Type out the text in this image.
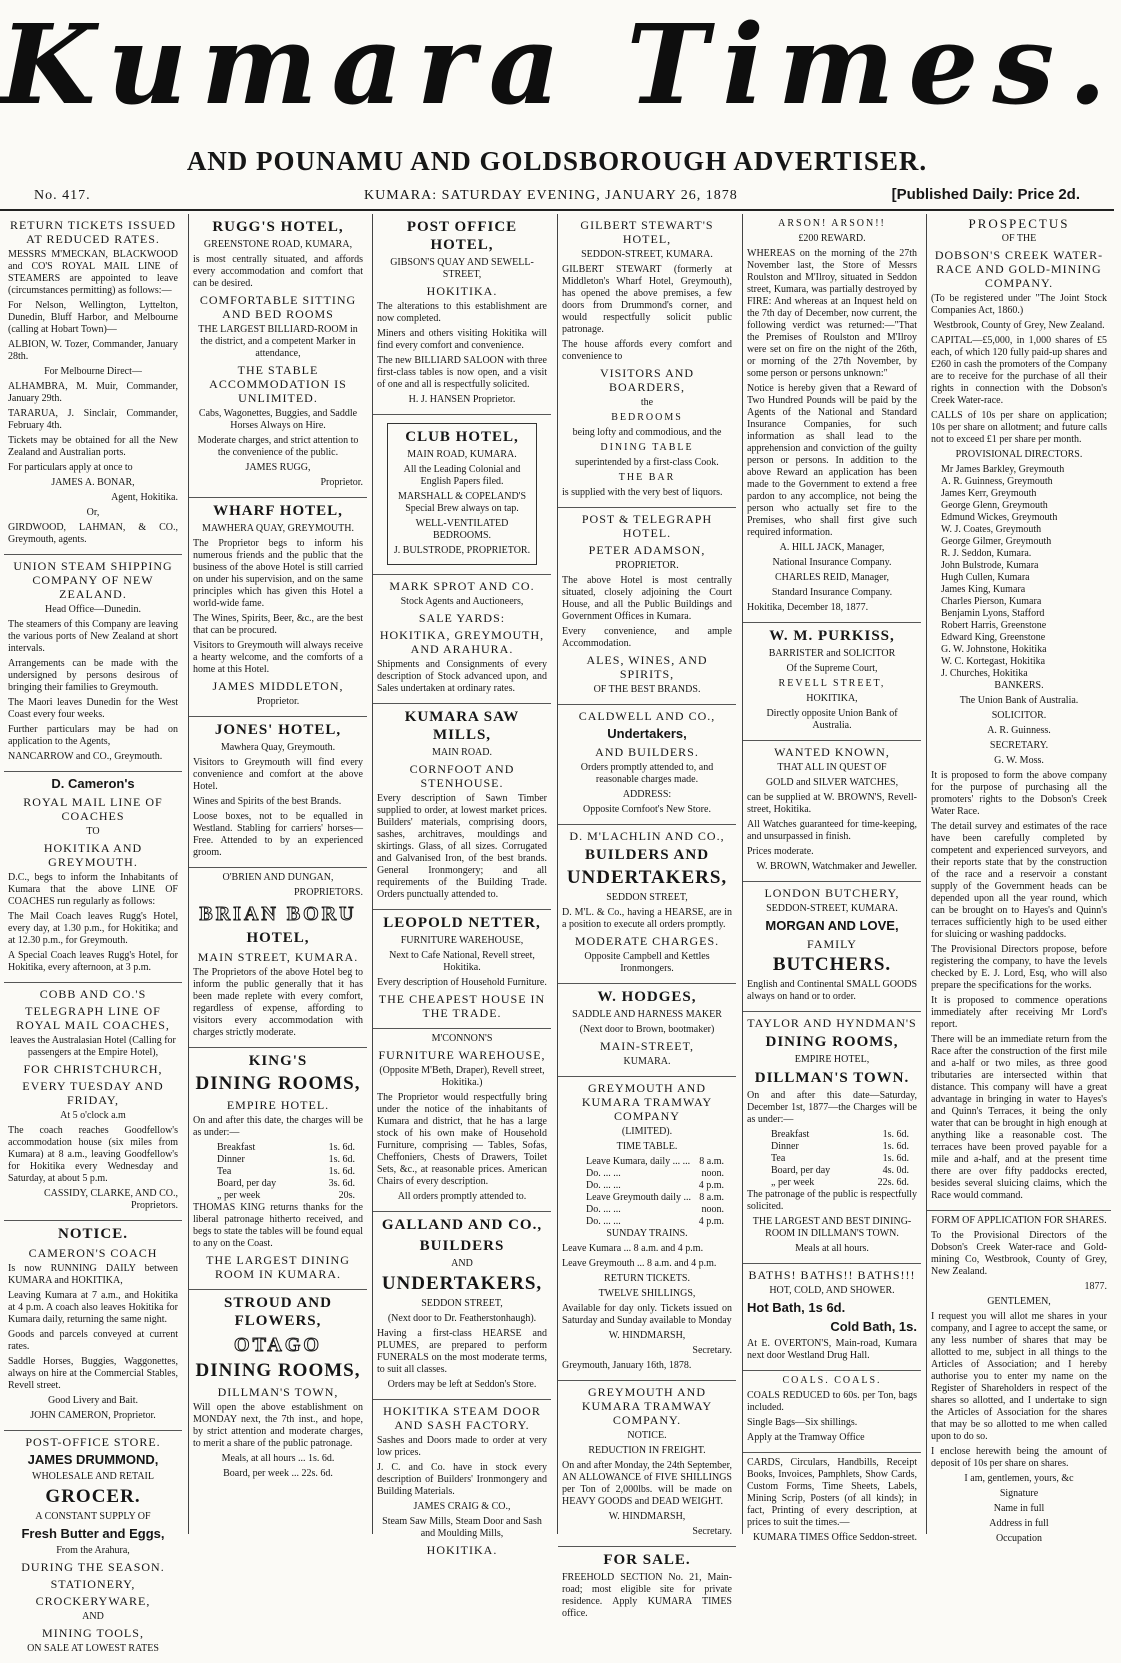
Kumara Times.
AND POUNAMU AND GOLDSBOROUGH ADVERTISER.
No. 417.	KUMARA: SATURDAY EVENING, JANUARY 26, 1878	[Published Daily: Price 2d.

RETURN TICKETS ISSUED AT REDUCED RATES.

MESSRS M'MECKAN, BLACKWOOD and CO'S ROYAL MAIL LINE of STEAMERS are appointed to leave (circumstances permitting) as follows:—

For Nelson, Wellington, Lyttelton, Dunedin, Bluff Harbor, and Melbourne (calling at Hobart Town)—

ALBION, W. Tozer, Commander, January 28th.

For Melbourne Direct—

ALHAMBRA, M. Muir, Commander, January 29th.

TARARUA, J. Sinclair, Commander, February 4th.

Tickets may be obtained for all the New Zealand and Australian ports.

For particulars apply at once to

JAMES A. BONAR,

Agent, Hokitika.

Or,

GIRDWOOD, LAHMAN, & CO., Greymouth, agents.

UNION STEAM SHIPPING COMPANY OF NEW ZEALAND.

Head Office—Dunedin.

The steamers of this Company are leaving the various ports of New Zealand at short intervals.

Arrangements can be made with the undersigned by persons desirous of bringing their families to Greymouth.

The Maori leaves Dunedin for the West Coast every four weeks.

Further particulars may be had on application to the Agents,

NANCARROW and CO., Greymouth.

D. Cameron's

ROYAL MAIL LINE OF COACHES

TO

HOKITIKA AND GREYMOUTH.

D.C., begs to inform the Inhabitants of Kumara that the above LINE OF COACHES run regularly as follows:

The Mail Coach leaves Rugg's Hotel, every day, at 1.30 p.m., for Hokitika; and at 12.30 p.m., for Greymouth.

A Special Coach leaves Rugg's Hotel, for Hokitika, every afternoon, at 3 p.m.

COBB AND CO.'S

TELEGRAPH LINE OF ROYAL MAIL COACHES,

leaves the Australasian Hotel (Calling for passengers at the Empire Hotel),

FOR CHRISTCHURCH,

EVERY TUESDAY AND FRIDAY,

At 5 o'clock a.m

The coach reaches Goodfellow's accommodation house (six miles from Kumara) at 8 a.m., leaving Goodfellow's for Hokitika every Wednesday and Saturday, at about 5 p.m.

CASSIDY, CLARKE, AND CO., Proprietors.

NOTICE.

CAMERON'S COACH

Is now RUNNING DAILY between KUMARA and HOKITIKA,

Leaving Kumara at 7 a.m., and Hokitika at 4 p.m. A coach also leaves Hokitika for Kumara daily, returning the same night.

Goods and parcels conveyed at current rates.

Saddle Horses, Buggies, Waggonettes, always on hire at the Commercial Stables, Revell street.

Good Livery and Bait.

JOHN CAMERON, Proprietor.

POST-OFFICE STORE.

JAMES DRUMMOND,

WHOLESALE AND RETAIL

GROCER.

A CONSTANT SUPPLY OF

Fresh Butter and Eggs,

From the Arahura,

DURING THE SEASON.

STATIONERY,

CROCKERYWARE,

AND

MINING TOOLS,

ON SALE AT LOWEST RATES

RUGG'S HOTEL,

GREENSTONE ROAD, KUMARA,

is most centrally situated, and affords every accommodation and comfort that can be desired.

COMFORTABLE SITTING AND BED ROOMS

THE LARGEST BILLIARD-ROOM in the district, and a competent Marker in attendance,

THE STABLE ACCOMMODATION IS UNLIMITED.

Cabs, Wagonettes, Buggies, and Saddle Horses Always on Hire.

Moderate charges, and strict attention to the convenience of the public.

JAMES RUGG,

Proprietor.

WHARF HOTEL,

MAWHERA QUAY, GREYMOUTH.

The Proprietor begs to inform his numerous friends and the public that the business of the above Hotel is still carried on under his supervision, and on the same principles which has given this Hotel a world-wide fame.

The Wines, Spirits, Beer, &c., are the best that can be procured.

Visitors to Greymouth will always receive a hearty welcome, and the comforts of a home at this Hotel.

JAMES MIDDLETON,

Proprietor.

JONES' HOTEL,

Mawhera Quay, Greymouth.

Visitors to Greymouth will find every convenience and comfort at the above Hotel.

Wines and Spirits of the best Brands.

Loose boxes, not to be equalled in Westland. Stabling for carriers' horses—Free. Attended to by an experienced groom.

O'BRIEN AND DUNGAN,

PROPRIETORS.

BRIAN BORU

HOTEL,

MAIN STREET, KUMARA.

The Proprietors of the above Hotel beg to inform the public generally that it has been made replete with every comfort, regardless of expense, affording to visitors every accommodation with charges strictly moderate.

KING'S

DINING ROOMS,

EMPIRE HOTEL.

On and after this date, the charges will be as under:—

Breakfast	1s. 6d.
Dinner	1s. 6d.
Tea	1s. 6d.
Board, per day	3s. 6d.
„ per week	20s.

THOMAS KING returns thanks for the liberal patronage hitherto received, and begs to state the tables will be found equal to any on the Coast.

THE LARGEST DINING ROOM IN KUMARA.

STROUD AND FLOWERS,

OTAGO

DINING ROOMS,

DILLMAN'S TOWN,

Will open the above establishment on MONDAY next, the 7th inst., and hope, by strict attention and moderate charges, to merit a share of the public patronage.

Meals, at all hours ... 1s. 6d.

Board, per week ... 22s. 6d.

POST OFFICE HOTEL,

GIBSON'S QUAY AND SEWELL-STREET,

HOKITIKA.

The alterations to this establishment are now completed.

Miners and others visiting Hokitika will find every comfort and convenience.

The new BILLIARD SALOON with three first-class tables is now open, and a visit of one and all is respectfully solicited.

H. J. HANSEN Proprietor.

CLUB HOTEL,

MAIN ROAD, KUMARA.

All the Leading Colonial and English Papers filed.

MARSHALL & COPELAND'S Special Brew always on tap.

WELL-VENTILATED BEDROOMS.

J. BULSTRODE, PROPRIETOR.

MARK SPROT AND CO.

Stock Agents and Auctioneers,

SALE YARDS:

HOKITIKA, GREYMOUTH, AND ARAHURA.

Shipments and Consignments of every description of Stock advanced upon, and Sales undertaken at ordinary rates.

KUMARA SAW MILLS,

MAIN ROAD.

CORNFOOT AND STENHOUSE.

Every description of Sawn Timber supplied to order, at lowest market prices. Builders' materials, comprising doors, sashes, architraves, mouldings and skirtings. Glass, of all sizes. Corrugated and Galvanised Iron, of the best brands. General Ironmongery; and all requirements of the Building Trade. Orders punctually attended to.

LEOPOLD NETTER,

FURNITURE WAREHOUSE,

Next to Cafe National, Revell street, Hokitika.

Every description of Household Furniture.

THE CHEAPEST HOUSE IN THE TRADE.

M'CONNON'S

FURNITURE WAREHOUSE,

(Opposite M'Beth, Draper), Revell street, Hokitika.)

The Proprietor would respectfully bring under the notice of the inhabitants of Kumara and district, that he has a large stock of his own make of Household Furniture, comprising — Tables, Sofas, Cheffoniers, Chests of Drawers, Toilet Sets, &c., at reasonable prices. American Chairs of every description.

All orders promptly attended to.

GALLAND AND CO.,

BUILDERS

AND

UNDERTAKERS,

SEDDON STREET,

(Next door to Dr. Featherstonhaugh).

Having a first-class HEARSE and PLUMES, are prepared to perform FUNERALS on the most moderate terms, to suit all classes.

Orders may be left at Seddon's Store.

HOKITIKA STEAM DOOR AND SASH FACTORY.

Sashes and Doors made to order at very low prices.

J. C. and Co. have in stock every description of Builders' Ironmongery and Building Materials.

JAMES CRAIG & CO.,

Steam Saw Mills, Steam Door and Sash and Moulding Mills,

HOKITIKA.

GILBERT STEWART'S HOTEL,

SEDDON-STREET, KUMARA.

GILBERT STEWART (formerly at Middleton's Wharf Hotel, Greymouth), has opened the above premises, a few doors from Drummond's corner, and would respectfully solicit public patronage.

The house affords every comfort and convenience to

VISITORS AND BOARDERS,

the

BEDROOMS

being lofty and commodious, and the

DINING TABLE

superintended by a first-class Cook.

THE BAR

is supplied with the very best of liquors.

POST & TELEGRAPH HOTEL.

PETER ADAMSON,

PROPRIETOR.

The above Hotel is most centrally situated, closely adjoining the Court House, and all the Public Buildings and Government Offices in Kumara.

Every convenience, and ample Accommodation.

ALES, WINES, AND SPIRITS,

OF THE BEST BRANDS.

CALDWELL AND CO.,

Undertakers,

AND BUILDERS.

Orders promptly attended to, and reasonable charges made.

ADDRESS:

Opposite Cornfoot's New Store.

D. M'LACHLIN AND CO.,

BUILDERS AND

UNDERTAKERS,

SEDDON STREET,

D. M'L. & Co., having a HEARSE, are in a position to execute all orders promptly.

MODERATE CHARGES.

Opposite Campbell and Kettles Ironmongers.

W. HODGES,

SADDLE AND HARNESS MAKER

(Next door to Brown, bootmaker)

MAIN-STREET,

KUMARA.

GREYMOUTH AND KUMARA TRAMWAY COMPANY

(LIMITED).

TIME TABLE.

Leave Kumara, daily ... ... 8 a.m.
Do. ... ...	noon.
Do. ... ...	4 p.m.
Leave Greymouth daily ... 8 a.m.
Do. ... ...	noon.
Do. ... ...	4 p.m.

SUNDAY TRAINS.

Leave Kumara ... 8 a.m. and 4 p.m.

Leave Greymouth ... 8 a.m. and 4 p.m.

RETURN TICKETS.

TWELVE SHILLINGS,

Available for day only. Tickets issued on Saturday and Sunday available to Monday

W. HINDMARSH,

Secretary.

Greymouth, January 16th, 1878.

GREYMOUTH AND KUMARA TRAMWAY COMPANY.

NOTICE.

REDUCTION IN FREIGHT.

On and after Monday, the 24th September, AN ALLOWANCE of FIVE SHILLINGS per Ton of 2,000lbs. will be made on HEAVY GOODS and DEAD WEIGHT.

W. HINDMARSH,

Secretary.

FOR SALE.

FREEHOLD SECTION No. 21, Main-road; most eligible site for private residence. Apply KUMARA TIMES office.

ARSON! ARSON!!

£200 REWARD.

WHEREAS on the morning of the 27th November last, the Store of Messrs Roulston and M'Ilroy, situated in Seddon street, Kumara, was partially destroyed by FIRE: And whereas at an Inquest held on the 7th day of December, now current, the following verdict was returned:—"That the Premises of Roulston and M'Ilroy were set on fire on the night of the 26th, or morning of the 27th November, by some person or persons unknown:"

Notice is hereby given that a Reward of Two Hundred Pounds will be paid by the Agents of the National and Standard Insurance Companies, for such information as shall lead to the apprehension and conviction of the guilty person or persons. In addition to the above Reward an application has been made to the Government to extend a free pardon to any accomplice, not being the person who actually set fire to the Premises, who shall first give such required information.

A. HILL JACK, Manager,

National Insurance Company.

CHARLES REID, Manager,

Standard Insurance Company.

Hokitika, December 18, 1877.

W. M. PURKISS,

BARRISTER and SOLICITOR

Of the Supreme Court,

REVELL STREET,

HOKITIKA,

Directly opposite Union Bank of Australia.

WANTED KNOWN,

THAT ALL IN QUEST OF

GOLD and SILVER WATCHES,

can be supplied at W. BROWN'S, Revell-street, Hokitika.

All Watches guaranteed for time-keeping, and unsurpassed in finish.

Prices moderate.

W. BROWN, Watchmaker and Jeweller.

LONDON BUTCHERY,

SEDDON-STREET, KUMARA.

MORGAN AND LOVE,

FAMILY

BUTCHERS.

English and Continental SMALL GOODS always on hand or to order.

TAYLOR AND HYNDMAN'S

DINING ROOMS,

EMPIRE HOTEL,

DILLMAN'S TOWN.

On and after this date—Saturday, December 1st, 1877—the Charges will be as under:—

Breakfast	1s. 6d.
Dinner	1s. 6d.
Tea	1s. 6d.
Board, per day	4s. 0d.
„ per week	22s. 6d.

The patronage of the public is respectfully solicited.

THE LARGEST AND BEST DINING-ROOM IN DILLMAN'S TOWN.

Meals at all hours.

BATHS! BATHS!! BATHS!!!

HOT, COLD, AND SHOWER.

Hot Bath, 1s 6d.

Cold Bath, 1s.

At E. OVERTON'S, Main-road, Kumara next door Westland Drug Hall.

COALS. COALS.

COALS REDUCED to 60s. per Ton, bags included.

Single Bags—Six shillings.

Apply at the Tramway Office

CARDS, Circulars, Handbills, Receipt Books, Invoices, Pamphlets, Show Cards, Custom Forms, Time Sheets, Labels, Mining Scrip, Posters (of all kinds); in fact, Printing of every description, at prices to suit the times.—

KUMARA TIMES Office Seddon-street.

PROSPECTUS

OF THE

DOBSON'S CREEK WATER-RACE AND GOLD-MINING COMPANY.

(To be registered under "The Joint Stock Companies Act, 1860.)

Westbrook, County of Grey, New Zealand.

CAPITAL—£5,000, in 1,000 shares of £5 each, of which 120 fully paid-up shares and £260 in cash the promoters of the Company are to receive for the purchase of all their rights in connection with the Dobson's Creek Water-race.

CALLS of 10s per share on application; 10s per share on allotment; and future calls not to exceed £1 per share per month.

PROVISIONAL DIRECTORS.

Mr James Barkley, Greymouth

A. R. Guinness, Greymouth

James Kerr, Greymouth

George Glenn, Greymouth

Edmund Wickes, Greymouth

W. J. Coates, Greymouth

George Gilmer, Greymouth

R. J. Seddon, Kumara.

John Bulstrode, Kumara

Hugh Cullen, Kumara

James King, Kumara

Charles Pierson, Kumara

Benjamin Lyons, Stafford

Robert Harris, Greenstone

Edward King, Greenstone

G. W. Johnstone, Hokitika

W. C. Kortegast, Hokitika

J. Churches, Hokitika

BANKERS.

The Union Bank of Australia.

SOLICITOR.

A. R. Guinness.

SECRETARY.

G. W. Moss.

It is proposed to form the above company for the purpose of purchasing all the promoters' rights to the Dobson's Creek Water Race.

The detail survey and estimates of the race have been carefully completed by competent and experienced surveyors, and their reports state that by the construction of the race and a reservoir a constant supply of the Government heads can be depended upon all the year round, which can be brought on to Hayes's and Quinn's terraces sufficiently high to be used either for sluicing or washing paddocks.

The Provisional Directors propose, before registering the company, to have the levels checked by E. J. Lord, Esq, who will also prepare the specifications for the works.

It is proposed to commence operations immediately after receiving Mr Lord's report.

There will be an immediate return from the Race after the construction of the first mile and a-half or two miles, as three good tributaries are intersected within that distance. This company will have a great advantage in bringing in water to Hayes's and Quinn's Terraces, it being the only water that can be brought in high enough at anything like a reasonable cost. The terraces have been proved payable for a mile and a-half, and at the present time there are over fifty paddocks erected, besides several sluicing claims, which the Race would command.

FORM OF APPLICATION FOR SHARES.

To the Provisional Directors of the Dobson's Creek Water-race and Gold-mining Co, Westbrook, County of Grey, New Zealand.

1877.

GENTLEMEN,

I request you will allot me shares in your company, and I agree to accept the same, or any less number of shares that may be allotted to me, subject in all things to the Articles of Association; and I hereby authorise you to enter my name on the Register of Shareholders in respect of the shares so allotted, and I undertake to sign the Articles of Association for the shares that may be so allotted to me when called upon to do so.

I enclose herewith being the amount of deposit of 10s per share on shares.

I am, gentlemen, yours, &c

Signature

Name in full

Address in full

Occupation
